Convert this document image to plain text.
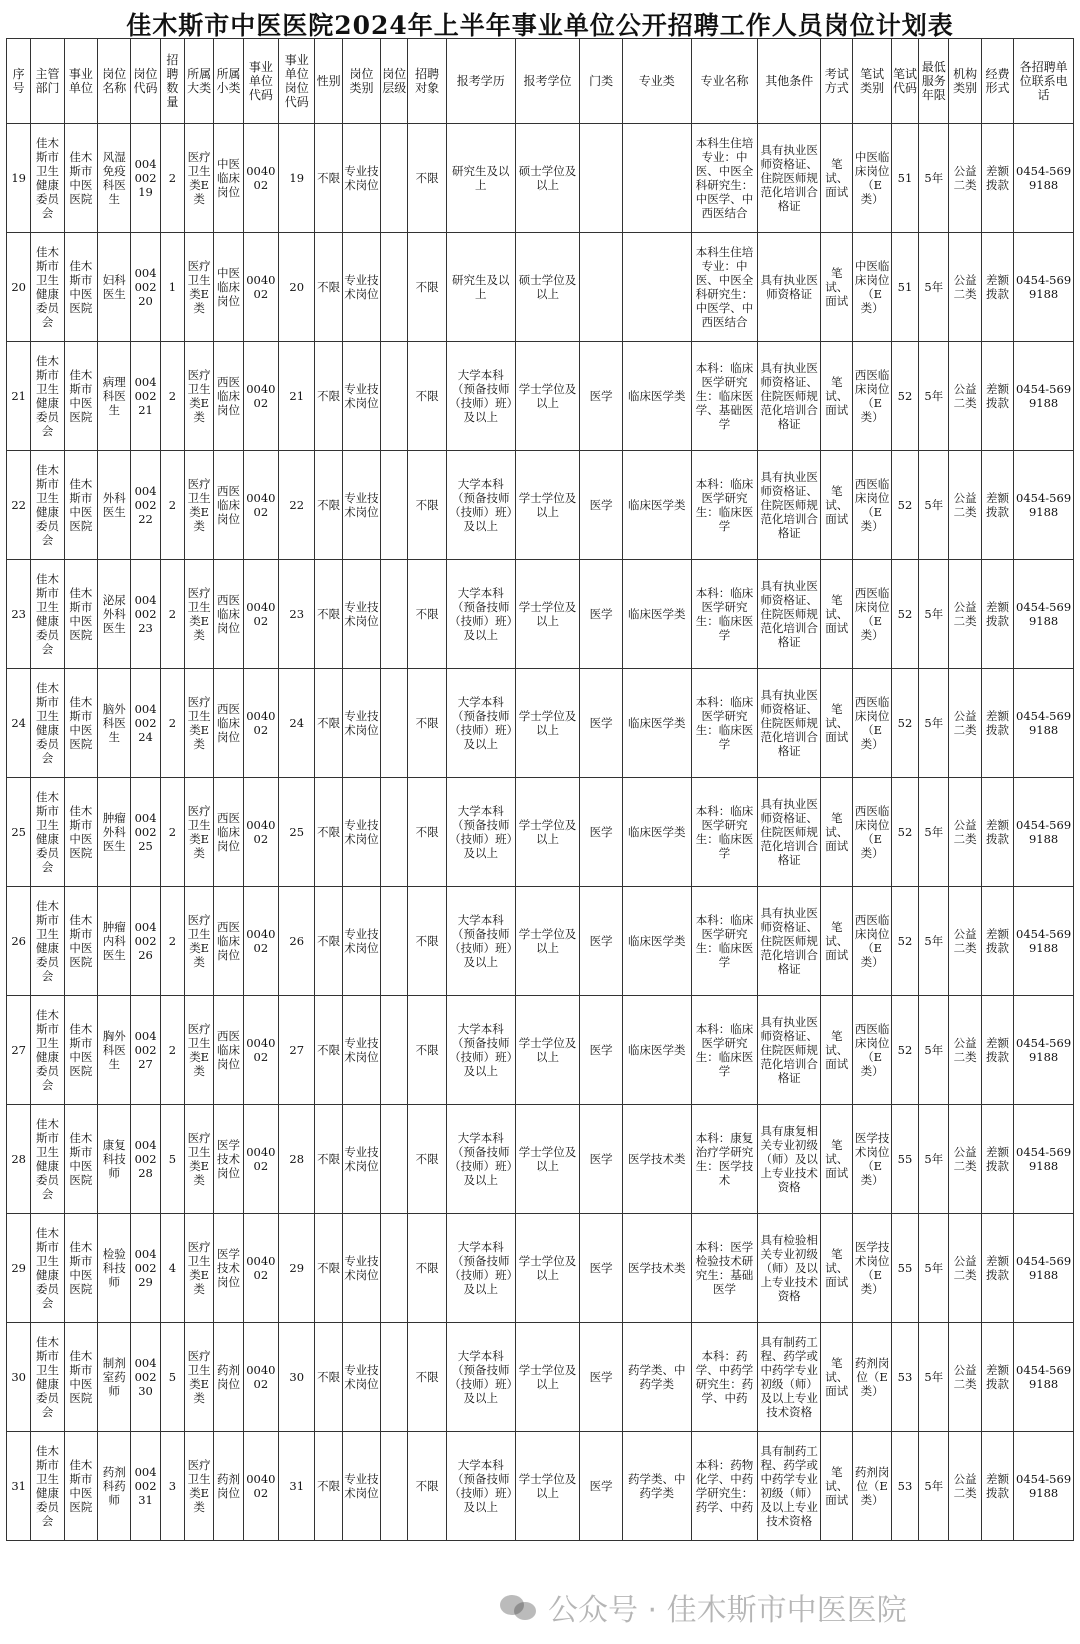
佳木斯市中医医院2024年上半年事业单位公开招聘工作人员岗位计划表
序号	主管部门	事业单位	岗位名称	岗位代码	招聘数量	所属大类	所属小类	事业单位代码	事业单位岗位代码	性别	岗位类别	岗位层级	招聘对象	报考学历	报考学位	门类	专业类	专业名称	其他条件	考试方式	笔试类别	笔试代码	最低服务年限	机构类别	经费形式	各招聘单位联系电话
19	佳木斯市卫生健康委员会	佳木斯市中医医院	风湿免疫科医生	00400219	2	医疗卫生类E类	中医临床岗位	004002	19	不限	专业技术岗位		不限	研究生及以上	硕士学位及以上			本科生住培专业：中医、中医全科研究生：中医学、中西医结合	具有执业医师资格证、住院医师规范化培训合格证	笔试、面试	中医临床岗位（E类）	51	5年	公益二类	差额拨款	0454-5699188
20	佳木斯市卫生健康委员会	佳木斯市中医医院	妇科医生	00400220	1	医疗卫生类E类	中医临床岗位	004002	20	不限	专业技术岗位		不限	研究生及以上	硕士学位及以上			本科生住培专业：中医、中医全科研究生：中医学、中西医结合	具有执业医师资格证	笔试、面试	中医临床岗位（E类）	51	5年	公益二类	差额拨款	0454-5699188
21	佳木斯市卫生健康委员会	佳木斯市中医医院	病理科医生	00400221	2	医疗卫生类E类	西医临床岗位	004002	21	不限	专业技术岗位		不限	大学本科（预备技师（技师）班）及以上	学士学位及以上	医学	临床医学类	本科：临床医学研究生：临床医学、基础医学	具有执业医师资格证、住院医师规范化培训合格证	笔试、面试	西医临床岗位（E类）	52	5年	公益二类	差额拨款	0454-5699188
22	佳木斯市卫生健康委员会	佳木斯市中医医院	外科医生	00400222	2	医疗卫生类E类	西医临床岗位	004002	22	不限	专业技术岗位		不限	大学本科（预备技师（技师）班）及以上	学士学位及以上	医学	临床医学类	本科：临床医学研究生：临床医学	具有执业医师资格证、住院医师规范化培训合格证	笔试、面试	西医临床岗位（E类）	52	5年	公益二类	差额拨款	0454-5699188
23	佳木斯市卫生健康委员会	佳木斯市中医医院	泌尿外科医生	00400223	2	医疗卫生类E类	西医临床岗位	004002	23	不限	专业技术岗位		不限	大学本科（预备技师（技师）班）及以上	学士学位及以上	医学	临床医学类	本科：临床医学研究生：临床医学	具有执业医师资格证、住院医师规范化培训合格证	笔试、面试	西医临床岗位（E类）	52	5年	公益二类	差额拨款	0454-5699188
24	佳木斯市卫生健康委员会	佳木斯市中医医院	脑外科医生	00400224	2	医疗卫生类E类	西医临床岗位	004002	24	不限	专业技术岗位		不限	大学本科（预备技师（技师）班）及以上	学士学位及以上	医学	临床医学类	本科：临床医学研究生：临床医学	具有执业医师资格证、住院医师规范化培训合格证	笔试、面试	西医临床岗位（E类）	52	5年	公益二类	差额拨款	0454-5699188
25	佳木斯市卫生健康委员会	佳木斯市中医医院	肿瘤外科医生	00400225	2	医疗卫生类E类	西医临床岗位	004002	25	不限	专业技术岗位		不限	大学本科（预备技师（技师）班）及以上	学士学位及以上	医学	临床医学类	本科：临床医学研究生：临床医学	具有执业医师资格证、住院医师规范化培训合格证	笔试、面试	西医临床岗位（E类）	52	5年	公益二类	差额拨款	0454-5699188
26	佳木斯市卫生健康委员会	佳木斯市中医医院	肿瘤内科医生	00400226	2	医疗卫生类E类	西医临床岗位	004002	26	不限	专业技术岗位		不限	大学本科（预备技师（技师）班）及以上	学士学位及以上	医学	临床医学类	本科：临床医学研究生：临床医学	具有执业医师资格证、住院医师规范化培训合格证	笔试、面试	西医临床岗位（E类）	52	5年	公益二类	差额拨款	0454-5699188
27	佳木斯市卫生健康委员会	佳木斯市中医医院	胸外科医生	00400227	2	医疗卫生类E类	西医临床岗位	004002	27	不限	专业技术岗位		不限	大学本科（预备技师（技师）班）及以上	学士学位及以上	医学	临床医学类	本科：临床医学研究生：临床医学	具有执业医师资格证、住院医师规范化培训合格证	笔试、面试	西医临床岗位（E类）	52	5年	公益二类	差额拨款	0454-5699188
28	佳木斯市卫生健康委员会	佳木斯市中医医院	康复科技师	00400228	5	医疗卫生类E类	医学技术岗位	004002	28	不限	专业技术岗位		不限	大学本科（预备技师（技师）班）及以上	学士学位及以上	医学	医学技术类	本科：康复治疗学研究生：医学技术	具有康复相关专业初级（师）及以上专业技术资格	笔试、面试	医学技术岗位（E类）	55	5年	公益二类	差额拨款	0454-5699188
29	佳木斯市卫生健康委员会	佳木斯市中医医院	检验科技师	00400229	4	医疗卫生类E类	医学技术岗位	004002	29	不限	专业技术岗位		不限	大学本科（预备技师（技师）班）及以上	学士学位及以上	医学	医学技术类	本科：医学检验技术研究生：基础医学	具有检验相关专业初级（师）及以上专业技术资格	笔试、面试	医学技术岗位（E类）	55	5年	公益二类	差额拨款	0454-5699188
30	佳木斯市卫生健康委员会	佳木斯市中医医院	制剂室药师	00400230	5	医疗卫生类E类	药剂岗位	004002	30	不限	专业技术岗位		不限	大学本科（预备技师（技师）班）及以上	学士学位及以上	医学	药学类、中药学类	本科：药学、中药学研究生：药学、中药	具有制药工程、药学或中药学专业初级（师）及以上专业技术资格	笔试、面试	药剂岗位（E类）	53	5年	公益二类	差额拨款	0454-5699188
31	佳木斯市卫生健康委员会	佳木斯市中医医院	药剂科药师	00400231	3	医疗卫生类E类	药剂岗位	004002	31	不限	专业技术岗位		不限	大学本科（预备技师（技师）班）及以上	学士学位及以上	医学	药学类、中药学类	本科：药物化学、中药学研究生：药学、中药	具有制药工程、药学或中药学专业初级（师）及以上专业技术资格	笔试、面试	药剂岗位（E类）	53	5年	公益二类	差额拨款	0454-5699188
公众号 · 佳木斯市中医医院
